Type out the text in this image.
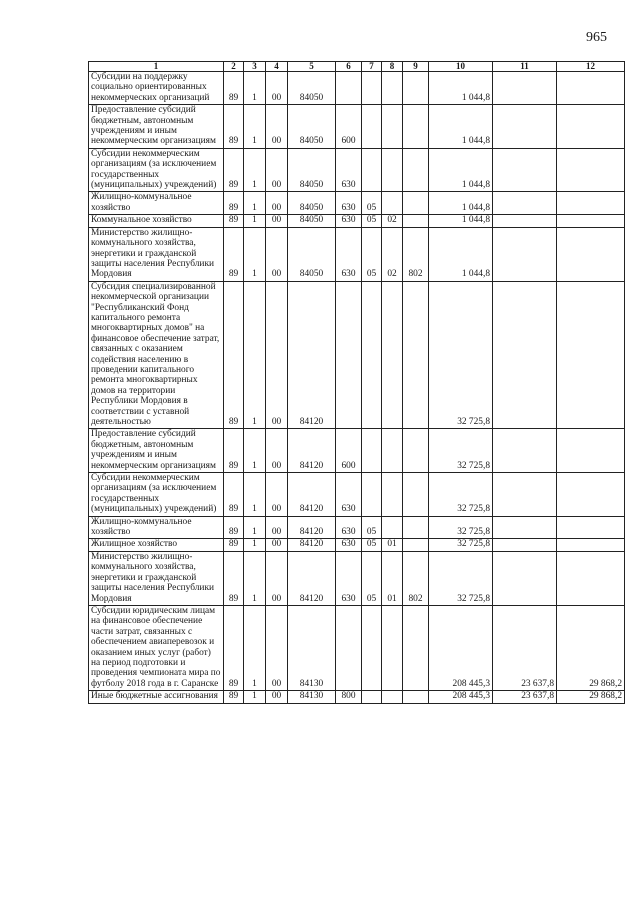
965
1	2	3	4	5	6	7	8	9	10	11	12
Субсидии на поддержку социально ориентированных некоммерческих организаций	89	1	00	84050					1 044,8		
Предоставление субсидий бюджетным, автономным учреждениям и иным некоммерческим организациям	89	1	00	84050	600				1 044,8		
Субсидии некоммерческим организациям (за исключением государственных (муниципальных) учреждений)	89	1	00	84050	630				1 044,8		
Жилищно-коммунальное хозяйство	89	1	00	84050	630	05			1 044,8		
Коммунальное хозяйство	89	1	00	84050	630	05	02		1 044,8		
Министерство жилищно-коммунального хозяйства, энергетики и гражданской защиты населения Республики Мордовия	89	1	00	84050	630	05	02	802	1 044,8		
Субсидия специализированной некоммерческой организации "Республиканский Фонд капитального ремонта многоквартирных домов" на финансовое обеспечение затрат, связанных с оказанием содействия населению в проведении капитального ремонта многоквартирных домов на территории Республики Мордовия в соответствии с уставной деятельностью	89	1	00	84120					32 725,8		
Предоставление субсидий бюджетным, автономным учреждениям и иным некоммерческим организациям	89	1	00	84120	600				32 725,8		
Субсидии некоммерческим организациям (за исключением государственных (муниципальных) учреждений)	89	1	00	84120	630				32 725,8		
Жилищно-коммунальное хозяйство	89	1	00	84120	630	05			32 725,8		
Жилищное хозяйство	89	1	00	84120	630	05	01		32 725,8		
Министерство жилищно-коммунального хозяйства, энергетики и гражданской защиты населения Республики Мордовия	89	1	00	84120	630	05	01	802	32 725,8		
Субсидии юридическим лицам на финансовое обеспечение части затрат, связанных с обеспечением авиаперевозок и оказанием иных услуг (работ) на период подготовки и проведения чемпионата мира по футболу 2018 года в г. Саранске	89	1	00	84130					208 445,3	23 637,8	29 868,2
Иные бюджетные ассигнования	89	1	00	84130	800				208 445,3	23 637,8	29 868,2
